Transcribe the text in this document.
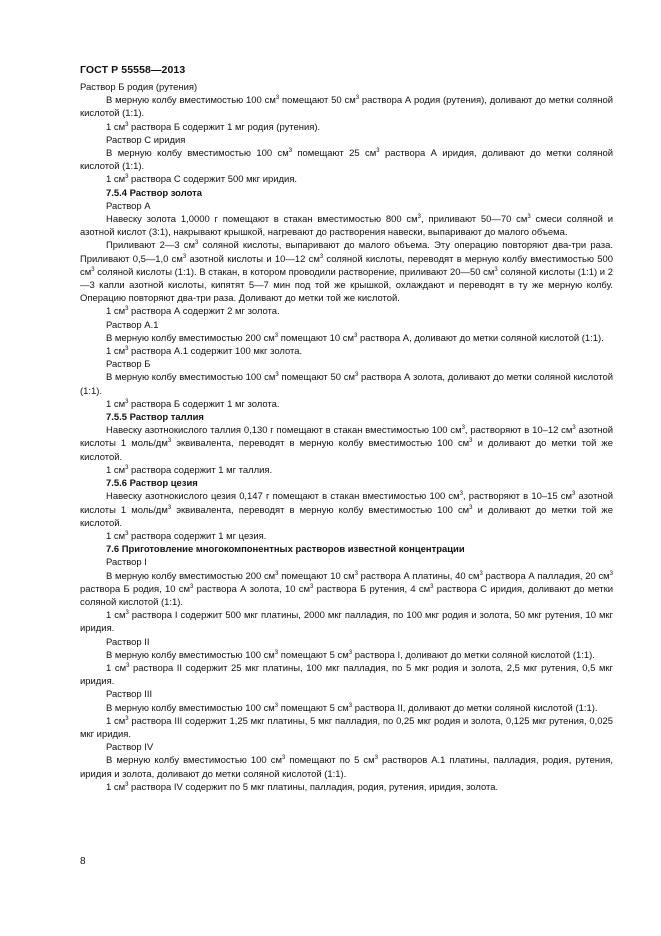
ГОСТ Р 55558—2013

Раствор Б родия (рутения)

В мерную колбу вместимостью 100 $см^3$ помещают 50 $см^3$ раствора А родия (рутения), доливают до метки соляной кислотой (1:1).

1 $см^3$ раствора Б содержит 1 мг родия (рутения).

Раствор С иридия

В мерную колбу вместимостью 100 $см^3$ помещают 25 $см^3$ раствора А иридия, доливают до метки соляной кислотой (1:1).

1 $см^3$ раствора С содержит 500 мкг иридия.

7.5.4 Раствор золота

Раствор А

Навеску золота 1,0000 г помещают в стакан вместимостью 800 $см^3$, приливают 50—70 $см^3$ смеси соляной и азотной кислот (3:1), накрывают крышкой, нагревают до растворения навески, выпаривают до малого объема.

Приливают 2—3 $см^3$ соляной кислоты, выпаривают до малого объема. Эту операцию повторяют два-три раза. Приливают 0,5—1,0 $см^3$ азотной кислоты и 10—12 $см^3$ соляной кислоты, переводят в мерную колбу вместимостью 500 $см^3$ соляной кислоты (1:1). В стакан, в котором проводили растворение, приливают 20—50 $см^3$ соляной кислоты (1:1) и 2—3 капли азотной кислоты, кипятят 5—7 мин под той же крышкой, охлаждают и переводят в ту же мерную колбу. Операцию повторяют два-три раза. Доливают до метки той же кислотой.

1 $см^3$ раствора А содержит 2 мг золота.

Раствор А.1

В мерную колбу вместимостью 200 $см^3$ помещают 10 $см^3$ раствора А, доливают до метки соляной кислотой (1:1).

1 $см^3$ раствора А.1 содержит 100 мкг золота.

Раствор Б

В мерную колбу вместимостью 100 $см^3$ помещают 50 $см^3$ раствора А золота, доливают до метки соляной кислотой (1:1).

1 $см^3$ раствора Б содержит 1 мг золота.

7.5.5 Раствор таллия

Навеску азотнокислого таллия 0,130 г помещают в стакан вместимостью 100 $см^3$, растворяют в 10–12 $см^3$ азотной кислоты 1 моль/$дм^3$ эквивалента, переводят в мерную колбу вместимостью 100 $см^3$ и доливают до метки той же кислотой.

1 $см^3$ раствора содержит 1 мг таллия.

7.5.6 Раствор цезия

Навеску азотнокислого цезия 0,147 г помещают в стакан вместимостью 100 $см^3$, растворяют в 10–15 $см^3$ азотной кислоты 1 моль/$дм^3$ эквивалента, переводят в мерную колбу вместимостью 100 $см^3$ и доливают до метки той же кислотой.

1 $см^3$ раствора содержит 1 мг цезия.

7.6 Приготовление многокомпонентных растворов известной концентрации

Раствор I

В мерную колбу вместимостью 200 $см^3$ помещают 10 $см^3$ раствора А платины, 40 $см^3$ раствора А палладия, 20 $см^3$ раствора Б родия, 10 $см^3$ раствора А золота, 10 $см^3$ раствора Б рутения, 4 $см^3$ раствора С иридия, доливают до метки соляной кислотой (1:1).

1 $см^3$ раствора I содержит 500 мкг платины, 2000 мкг палладия, по 100 мкг родия и золота, 50 мкг рутения, 10 мкг иридия.

Раствор II

В мерную колбу вместимостью 100 $см^3$ помещают 5 $см^3$ раствора I, доливают до метки соляной кислотой (1:1).

1 $см^3$ раствора II содержит 25 мкг платины, 100 мкг палладия, по 5 мкг родия и золота, 2,5 мкг рутения, 0,5 мкг иридия.

Раствор III

В мерную колбу вместимостью 100 $см^3$ помещают 5 $см^3$ раствора II, доливают до метки соляной кислотой (1:1).

1 $см^3$ раствора III содержит 1,25 мкг платины, 5 мкг палладия, по 0,25 мкг родия и золота, 0,125 мкг рутения, 0,025 мкг иридия.

Раствор IV

В мерную колбу вместимостью 100 $см^3$ помещают по 5 $см^3$ растворов А.1 платины, палладия, родия, рутения, иридия и золота, доливают до метки соляной кислотой (1:1).

1 $см^3$ раствора IV содержит по 5 мкг платины, палладия, родия, рутения, иридия, золота.

8
